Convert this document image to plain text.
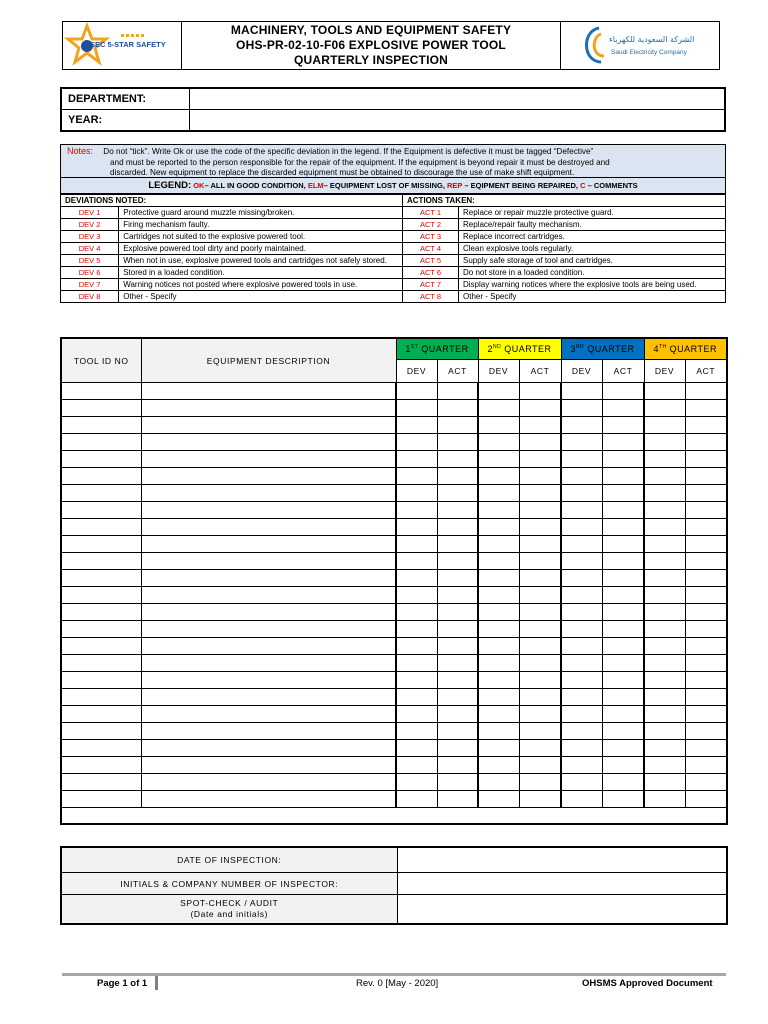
SEC 5-STAR SAFETY

MACHINERY, TOOLS AND EQUIPMENT SAFETY
OHS-PR-02-10-F06 EXPLOSIVE POWER TOOL
QUARTERLY INSPECTION

الشركة السعودية للكهرباء
Saudi Electricity Company
DEPARTMENT:	
YEAR:	
Notes: Do not “tick”. Write Ok or use the code of the specific deviation in the legend. If the Equipment is defective it must be tagged “Defective”
and must be reported to the person responsible for the repair of the equipment. If the equipment is beyond repair it must be destroyed and
discarded. New equipment to replace the discarded equipment must be obtained to discourage the use of make shift equipment.
LEGEND: OK– ALL IN GOOD CONDITION, ELM– EQUIPMENT LOST OF MISSING, REP – EQIPMENT BEING REPAIRED, C – COMMENTS
DEVIATIONS NOTED:		ACTIONS TAKEN:	
DEV 1	Protective guard around muzzle missing/broken.	ACT 1	Replace or repair muzzle protective guard.
DEV 2	Firing mechanism faulty.	ACT 2	Replace/repair faulty mechanism.
DEV 3	Cartridges not suited to the explosive powered tool.	ACT 3	Replace incorrect cartridges.
DEV 4	Explosive powered tool dirty and poorly maintained.	ACT 4	Clean explosive tools regularly.
DEV 5	When not in use, explosive powered tools and cartridges not safely stored.	ACT 5	Supply safe storage of tool and cartridges.
DEV 6	Stored in a loaded condition.	ACT 6	Do not store in a loaded condition.
DEV 7	Warning notices not posted where explosive powered tools in use.	ACT 7	Display warning notices where the explosive tools are being used.
DEV 8	Other - Specify	ACT 8	Other - Specify
TOOL ID NO	EQUIPMENT DESCRIPTION	1ST QUARTER		2ND QUARTER		3RD QUARTER		4TH QUARTER	
		DEV	ACT	DEV	ACT	DEV	ACT	DEV	ACT

DATE OF INSPECTION:	
INITIALS & COMPANY NUMBER OF INSPECTOR:	

SPOT-CHECK / AUDIT
(Date and initials)	

Page 1 of 1	Rev. 0 [May - 2020]	OHSMS Approved Document
